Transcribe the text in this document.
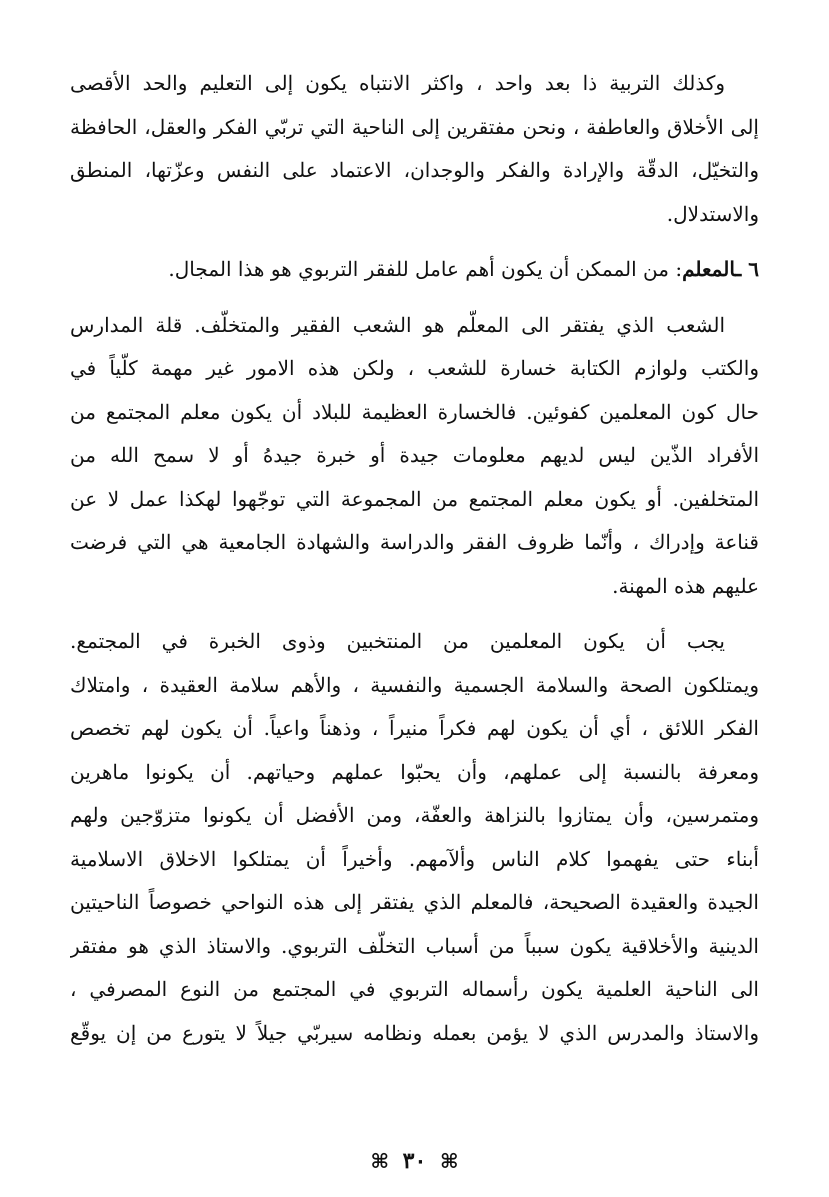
وكذلك التربية ذا بعد واحد ، واكثر الانتباه يكون إلى التعليم والحد الأقصى
إلى الأخلاق والعاطفة ، ونحن مفتقرين إلى الناحية التي تربّي الفكر والعقل، الحافظة
والتخيّل، الدقّة والإرادة والفكر والوجدان، الاعتماد على النفس وعزّتها، المنطق
والاستدلال.
٦ ـالمعلم: من الممكن أن يكون أهم عامل للفقر التربوي هو هذا المجال.
الشعب الذي يفتقر الى المعلّم هو الشعب الفقير والمتخلّف. قلة المدارس
والكتب ولوازم الكتابة خسارة للشعب ، ولكن هذه الامور غير مهمة كلّياً في
حال كون المعلمين كفوئين. فالخسارة العظيمة للبلاد أن يكون معلم المجتمع من
الأفراد الذّين ليس لديهم معلومات جيدة أو خبرة جيدهُ أو لا سمح الله من
المتخلفين. أو يكون معلم المجتمع من المجموعة التي توجّهوا لهكذا عمل لا عن
قناعة وإدراك ، وأنّما ظروف الفقر والدراسة والشهادة الجامعية هي التي فرضت
عليهم هذه المهنة.
يجب أن يكون المعلمين من المنتخبين وذوى الخبرة في المجتمع.
ويمتلكون الصحة والسلامة الجسمية والنفسية ، والأهم سلامة العقيدة ، وامتلاك
الفكر اللائق ، أي أن يكون لهم فكراً منيراً ، وذهناً واعياً. أن يكون لهم تخصص
ومعرفة بالنسبة إلى عملهم، وأن يحبّوا عملهم وحياتهم. أن يكونوا ماهرين
ومتمرسين، وأن يمتازوا بالنزاهة والعفّة، ومن الأفضل أن يكونوا متزوّجين ولهم
أبناء حتى يفهموا كلام الناس وألآمهم. وأخيراً أن يمتلكوا الاخلاق الاسلامية
الجيدة والعقيدة الصحيحة، فالمعلم الذي يفتقر إلى هذه النواحي خصوصاً الناحيتين
الدينية والأخلاقية يكون سبباً من أسباب التخلّف التربوي. والاستاذ الذي هو مفتقر
الى الناحية العلمية يكون رأسماله التربوي في المجتمع من النوع المصرفي ،
والاستاذ والمدرس الذي لا يؤمن بعمله ونظامه سيربّي جيلاً لا يتورع من إن يوقّع
⌘ ٣٠ ⌘
